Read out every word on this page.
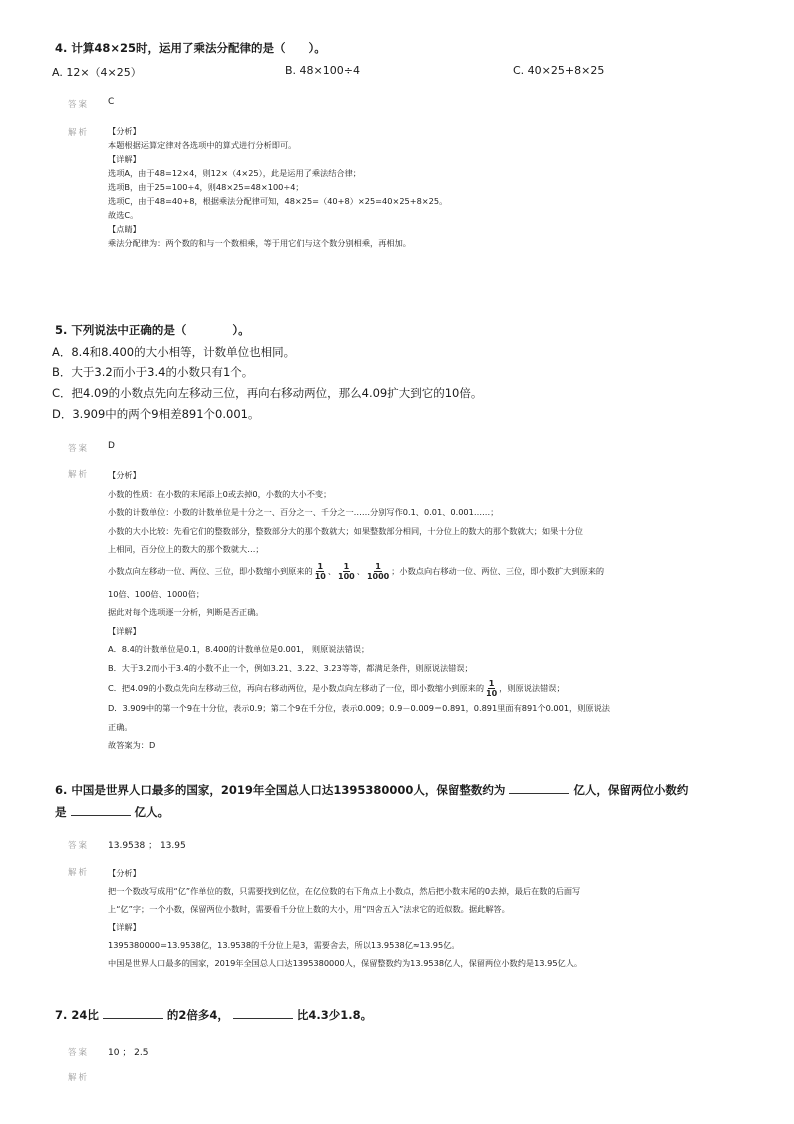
4. 计算48×25时，运用了乘法分配律的是（　　）。
A. 12×（4×25）	B. 48×100÷4	C. 40×25+8×25
答案 C
解析 【分析】
本题根据运算定律对各选项中的算式进行分析即可。
【详解】
选项A，由于48=12×4，则12×（4×25），此是运用了乘法结合律；
选项B，由于25=100÷4，则48×25=48×100÷4；
选项C，由于48=40+8，根据乘法分配律可知，48×25=（40+8）×25=40×25+8×25。
故选C。
【点睛】
乘法分配律为：两个数的和与一个数相乘，等于用它们与这个数分别相乘，再相加。
5. 下列说法中正确的是（	）。
A．8.4和8.400的大小相等，计数单位也相同。
B．大于3.2而小于3.4的小数只有1个。
C．把4.09的小数点先向左移动三位，再向右移动两位，那么4.09扩大到它的10倍。
D．3.909中的两个9相差891个0.001。
答案 D
解析 【分析】
小数的性质：在小数的末尾添上0或去掉0，小数的大小不变；
小数的计数单位：小数的计数单位是十分之一、百分之一、千分之一……分别写作0.1、0.01、0.001……；
小数的大小比较：先看它们的整数部分，整数部分大的那个数就大；如果整数部分相同，十分位上的数大的那个数就大；如果十分位
上相同，百分位上的数大的那个数就大…；
小数点向左移动一位、两位、三位，即小数缩小到原来的 $\frac{1}{10}$ 、 $\frac{1}{100}$ 、 $\frac{1}{1000}$ ；小数点向右移动一位、两位、三位，即小数扩大到原来的
10倍、100倍、1000倍；
据此对每个选项逐一分析，判断是否正确。
【详解】
A．8.4的计数单位是0.1，8.400的计数单位是0.001， 则原说法错误；
B．大于3.2而小于3.4的小数不止一个，例如3.21、3.22、3.23等等，都满足条件，则原说法错误；
C．把4.09的小数点先向左移动三位，再向右移动两位，是小数点向左移动了一位，即小数缩小到原来的 $\frac{1}{10}$ ，则原说法错误；
D．3.909中的第一个9在十分位，表示0.9；第二个9在千分位，表示0.009；0.9－0.009＝0.891，0.891里面有891个0.001，则原说法
正确。
故答案为：D
6. 中国是世界人口最多的国家，2019年全国总人口达1395380000人，保留整数约为	亿人，保留两位小数约
是	亿人。
答案 13.9538 ； 13.95
解析 【分析】
把一个数改写成用“亿”作单位的数，只需要找到亿位，在亿位数的右下角点上小数点，然后把小数末尾的0去掉，最后在数的后面写
上“亿”字；一个小数，保留两位小数时，需要看千分位上数的大小，用“四舍五入”法求它的近似数。据此解答。
【详解】
1395380000=13.9538亿，13.9538的千分位上是3，需要舍去，所以13.9538亿≈13.95亿。
中国是世界人口最多的国家，2019年全国总人口达1395380000人，保留整数约为13.9538亿人，保留两位小数约是13.95亿人。
7. 24比	的2倍多4，	比4.3少1.8。
答案 10 ； 2.5
解析
